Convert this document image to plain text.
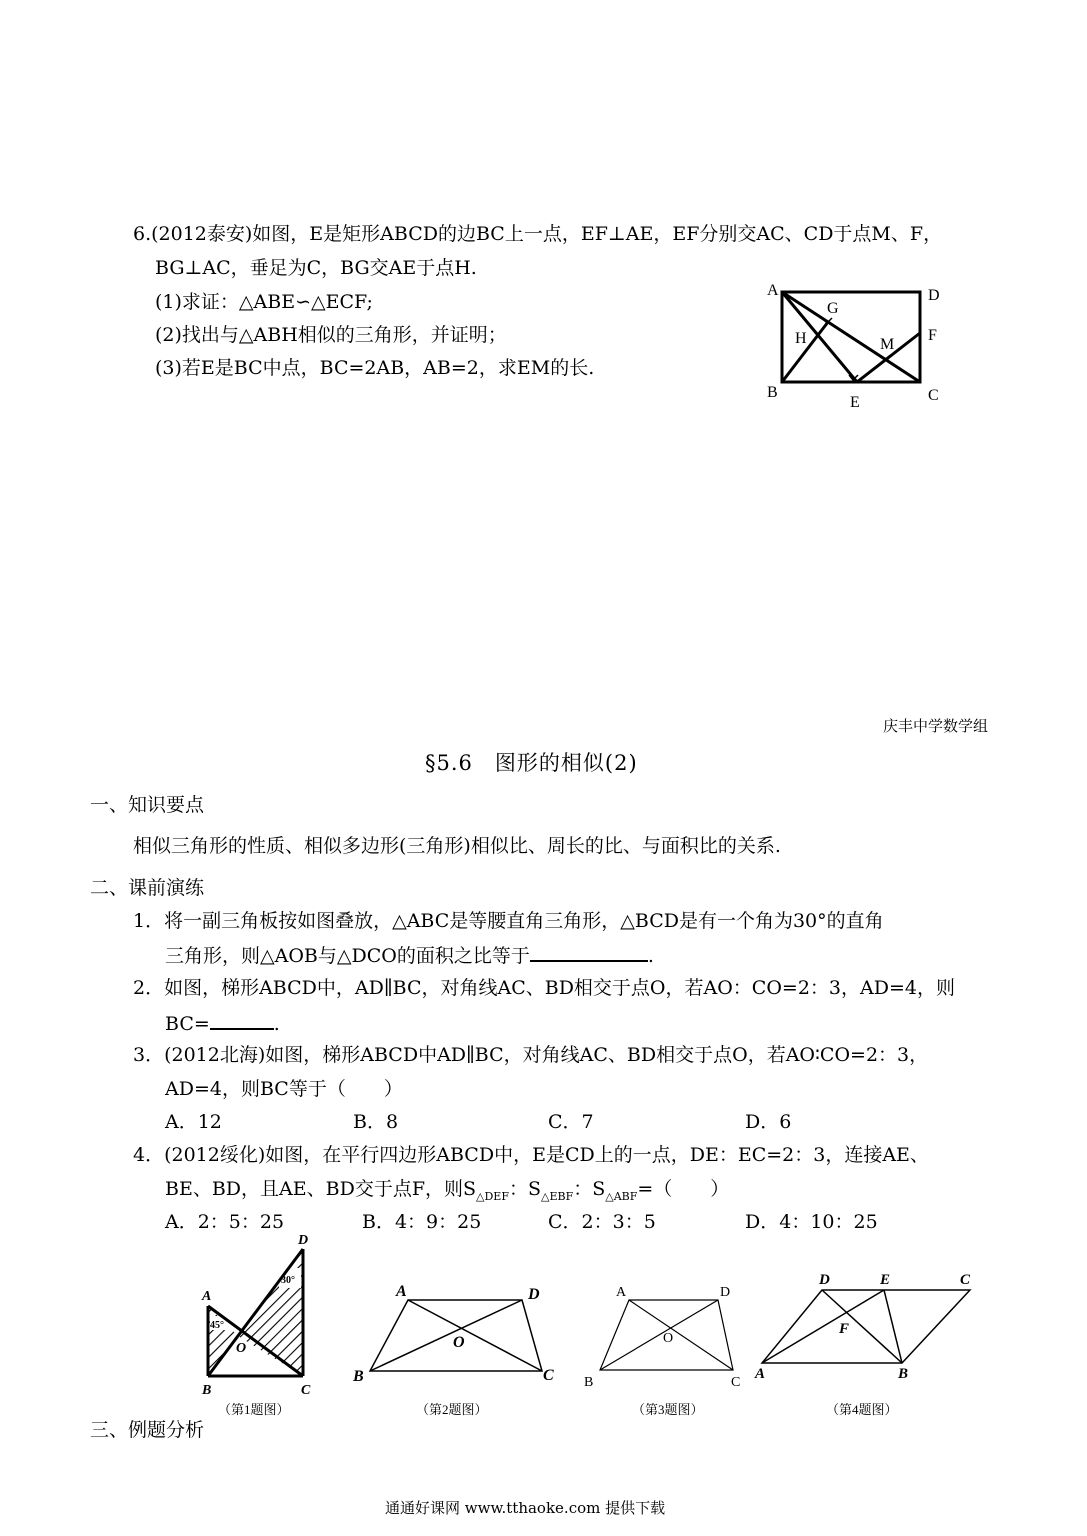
6.(2012泰安)如图，E是矩形ABCD的边BC上一点，EF⊥AE，EF分别交AC、CD于点M、F，
BG⊥AC，垂足为C，BG交AE于点H.
(1)求证：△ABE∽△ECF;
(2)找出与△ABH相似的三角形，并证明；
(3)若E是BC中点，BC=2AB，AB=2，求EM的长.
A	D
G
H	M
F
B
E	C
庆丰中学数学组
§5.6　图形的相似(2)
一、知识要点
相似三角形的性质、相似多边形(三角形)相似比、周长的比、与面积比的关系.
二、课前演练
1．将一副三角板按如图叠放，△ABC是等腰直角三角形，△BCD是有一个角为30°的直角
三角形，则△AOB与△DCO的面积之比等于	.
2．如图，梯形ABCD中，AD∥BC，对角线AC、BD相交于点O，若AO：CO=2：3，AD=4，则
BC=	.
3．(2012北海)如图，梯形ABCD中AD∥BC，对角线AC、BD相交于点O，若AO∶CO=2：3，
AD=4，则BC等于（　　）
A．12	B．8	C．7	D．6
4．(2012绥化)如图，在平行四边形ABCD中，E是CD上的一点，DE：EC=2：3，连接AE、
BE、BD，且AE、BD交于点F，则$S_{\triangle DEF}$：$S_{\triangle EBF}$：$S_{\triangle ABF}=$（　　）
A．2：5：25	B．4：9：25	C．2：3：5	D．4：10：25
A
D
O
B	C
45°
30°
（第1题图）
A	D
O
B	C
（第2题图）
A	D
O
B	C
（第3题图）
D	E	C
F
A	B
（第4题图）
三、例题分析
通通好课网 www.tthaoke.com 提供下载
